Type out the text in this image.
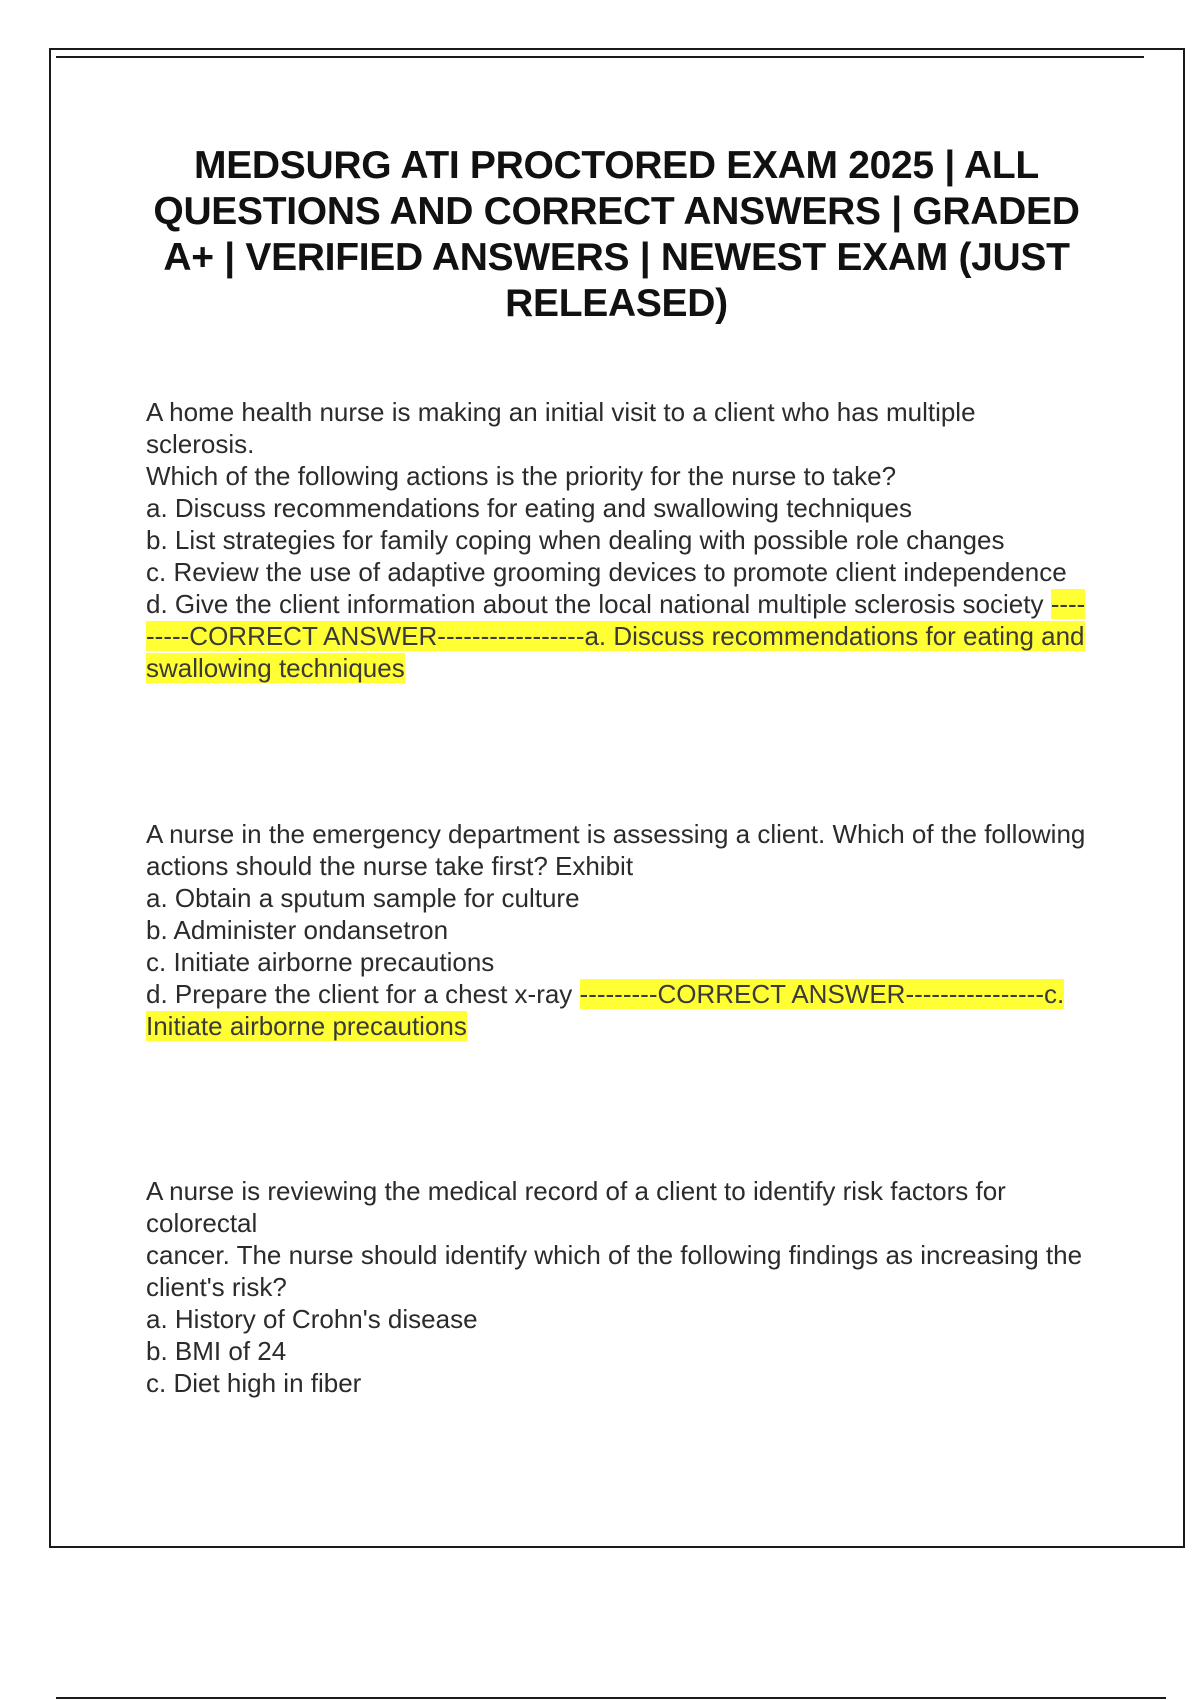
MEDSURG ATI PROCTORED EXAM 2025 | ALL QUESTIONS AND CORRECT ANSWERS | GRADED A+ | VERIFIED ANSWERS | NEWEST EXAM (JUST RELEASED)

A home health nurse is making an initial visit to a client who has multiple sclerosis.

Which of the following actions is the priority for the nurse to take?

a. Discuss recommendations for eating and swallowing techniques

b. List strategies for family coping when dealing with possible role changes

c. Review the use of adaptive grooming devices to promote client independence

d. Give the client information about the local national multiple sclerosis society ---------CORRECT ANSWER-----------------a. Discuss recommendations for eating and swallowing techniques

A nurse in the emergency department is assessing a client. Which of the following

actions should the nurse take first? Exhibit

a. Obtain a sputum sample for culture

b. Administer ondansetron

c. Initiate airborne precautions

d. Prepare the client for a chest x-ray ---------CORRECT ANSWER----------------c. Initiate airborne precautions

A nurse is reviewing the medical record of a client to identify risk factors for colorectal

cancer. The nurse should identify which of the following findings as increasing the

client's risk?

a. History of Crohn's disease

b. BMI of 24

c. Diet high in fiber
